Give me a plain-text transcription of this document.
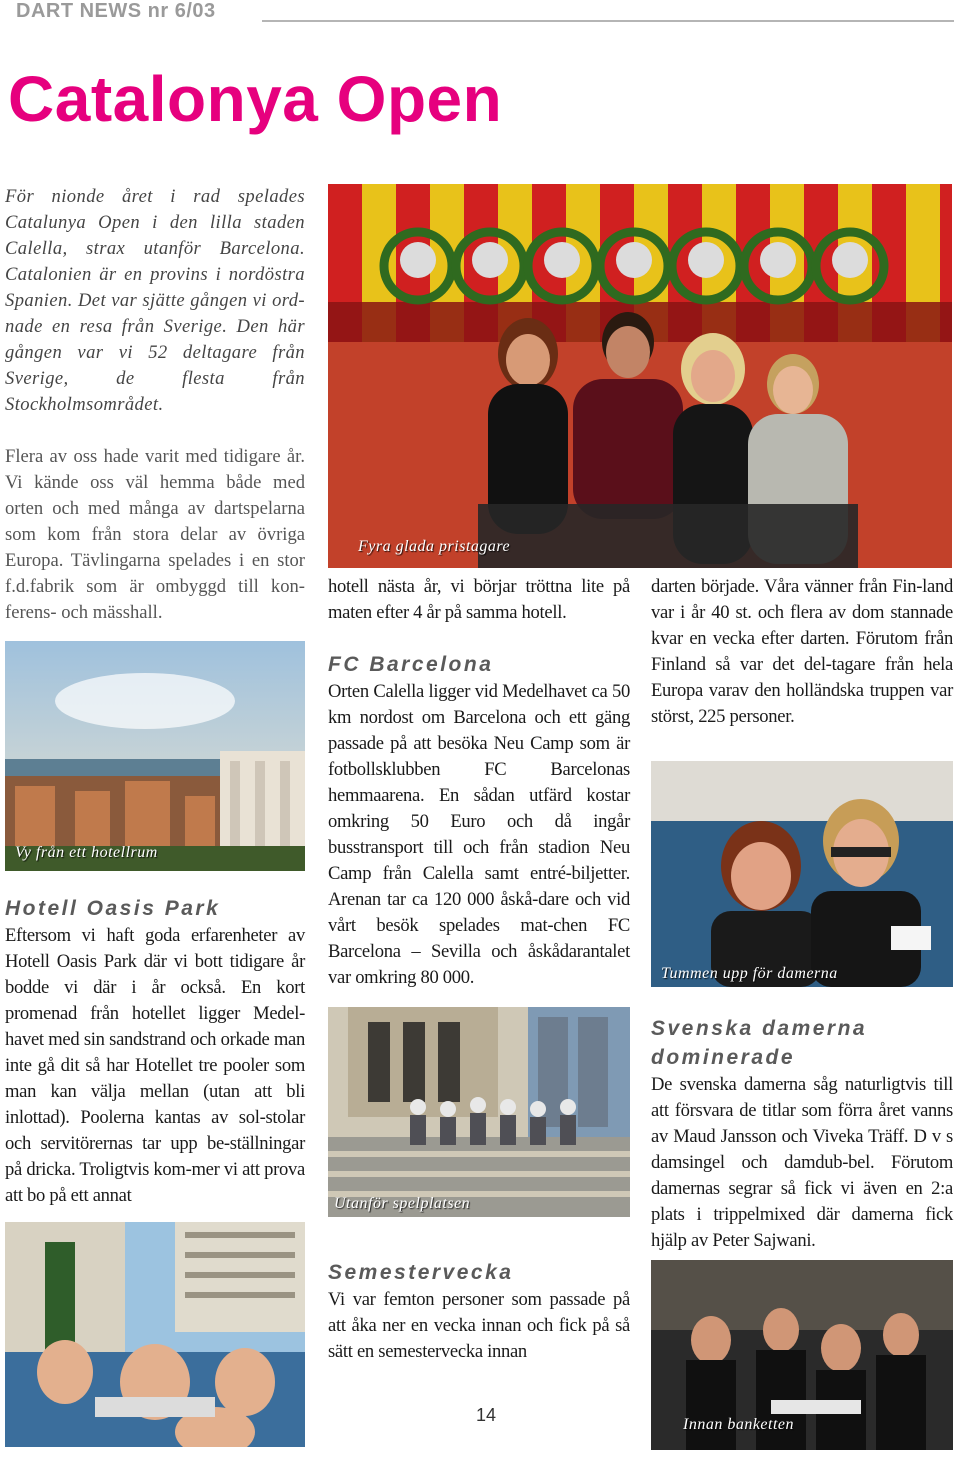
DART NEWS nr 6/03
Catalonya Open

För nionde året i rad spelades Catalunya Open i den lilla staden Calella, strax utanför Barcelona. Catalonien är en provins i nordöstra Spanien. Det var sjätte gången vi ord-nade en resa från Sverige. Den här gången var vi 52 deltagare från Sverige, de flesta från Stockholmsområdet.

Flera av oss hade varit med tidigare år. Vi kände oss väl hemma både med orten och med många av dartspelarna som kom från stora delar av övriga Europa. Tävlingarna spelades i en stor f.d.fabrik som är ombyggd till kon-ferens- och mässhall.

Fyra glada pristagare
Vy från ett hotellrum
Hotell Oasis Park

Eftersom vi haft goda erfarenheter av Hotell Oasis Park där vi bott tidigare år bodde vi där i år också. En kort promenad från hotellet ligger Medel-havet med sin sandstrand och orkade man inte gå dit så har Hotellet tre pooler som man kan välja mellan (utan att bli inlottad). Poolerna kantas av sol-stolar och servitörernas tar upp be-ställningar på dricka. Troligtvis kom-mer vi att prova att bo på ett annat

hotell nästa år, vi börjar tröttna lite på maten efter 4 år på samma hotell.

FC Barcelona

Orten Calella ligger vid Medelhavet ca 50 km nordost om Barcelona och ett gäng passade på att besöka Neu Camp som är fotbollsklubben FC Barcelonas hemmaarena. En sådan utfärd kostar omkring 50 Euro och då ingår busstransport till och från stadion Neu Camp från Calella samt entré-biljetter. Arenan tar ca 120 000 åskå-dare och vid vårt besök spelades mat-chen FC Barcelona – Sevilla och åskådarantalet var omkring 80 000.

Utanför spelplatsen
Semestervecka

Vi var femton personer som passade på att åka ner en vecka innan och fick på så sätt en semestervecka innan

darten började. Våra vänner från Fin-land var i år 40 st. och flera av dom stannade kvar en vecka efter darten. Förutom från Finland så var det del-tagare från hela Europa varav den holländska truppen var störst, 225 personer.

Tummen upp för damerna
Svenska damerna dominerade

De svenska damerna såg naturligtvis till att försvara de titlar som förra året vanns av Maud Jansson och Viveka Träff. D v s damsingel och damdub-bel. Förutom damernas segrar så fick vi även en 2:a plats i trippelmixed där damerna fick hjälp av Peter Sajwani.

Innan banketten
14
